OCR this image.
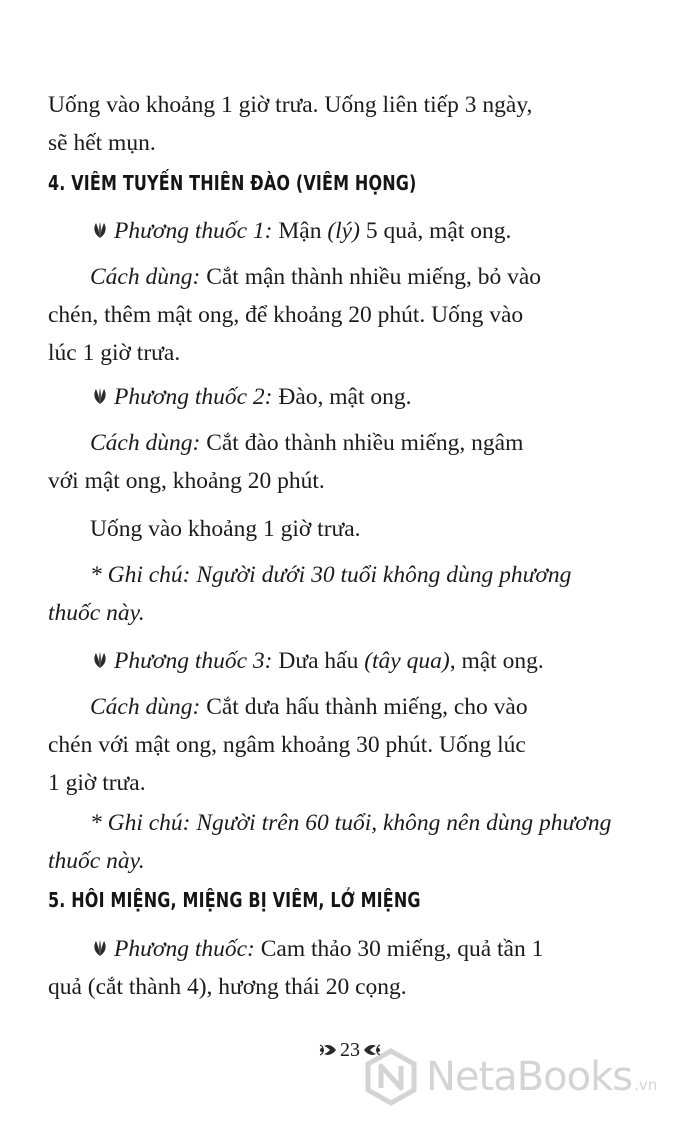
Uống vào khoảng 1 giờ trưa. Uống liên tiếp 3 ngày,
sẽ hết mụn.

4. VIÊM TUYẾN THIÊN ĐÀO (VIÊM HỌNG)

Phương thuốc 1: Mận (lý) 5 quả, mật ong.

Cách dùng: Cắt mận thành nhiều miếng, bỏ vào
chén, thêm mật ong, để khoảng 20 phút. Uống vào
lúc 1 giờ trưa.

Phương thuốc 2: Đào, mật ong.

Cách dùng: Cắt đào thành nhiều miếng, ngâm
với mật ong, khoảng 20 phút.

Uống vào khoảng 1 giờ trưa.

* Ghi chú: Người dưới 30 tuổi không dùng phương
thuốc này.

Phương thuốc 3: Dưa hấu (tây qua), mật ong.

Cách dùng: Cắt dưa hấu thành miếng, cho vào
chén với mật ong, ngâm khoảng 30 phút. Uống lúc
1 giờ trưa.

* Ghi chú: Người trên 60 tuổi, không nên dùng phương
thuốc này.

5. HÔI MIỆNG, MIỆNG BỊ VIÊM, LỞ MIỆNG

Phương thuốc: Cam thảo 30 miếng, quả tần 1
quả (cắt thành 4), hương thái 20 cọng.

23
NetaBooks .vn
